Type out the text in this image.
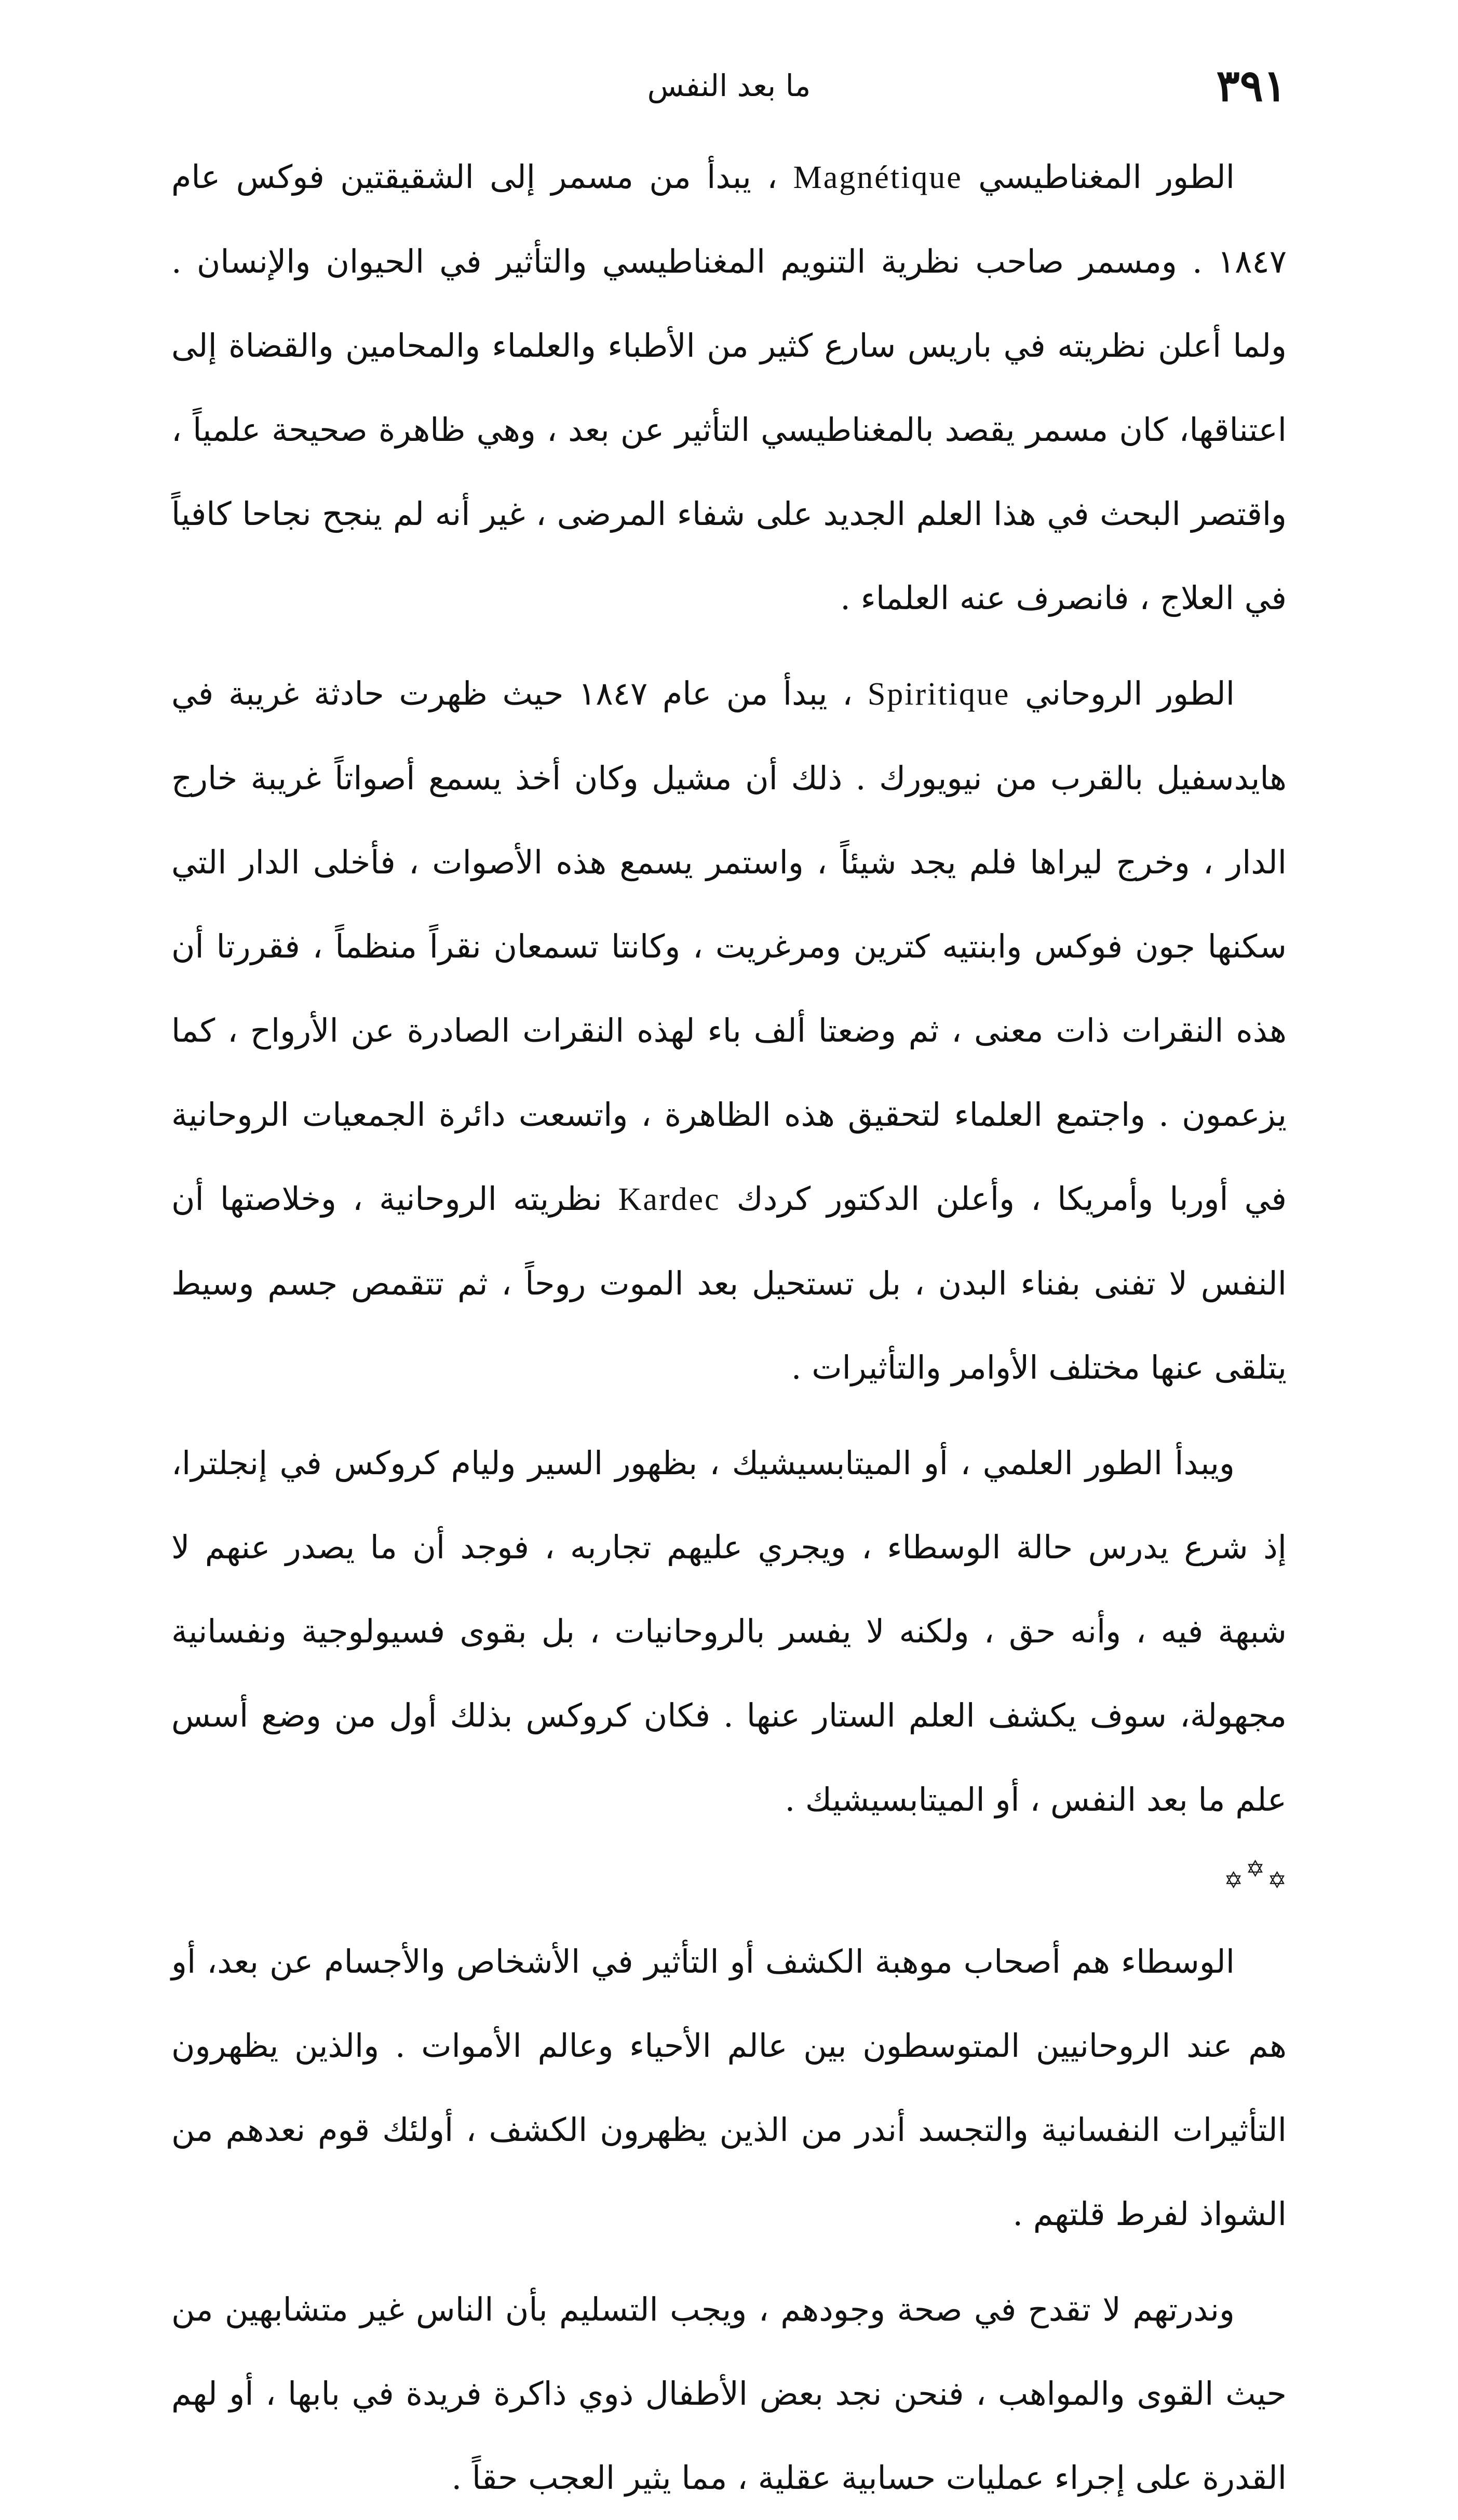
٣٩١
ما بعد النفس

الطور المغناطيسي Magnétique ، يبدأ من مسمر إلى الشقيقتين فوكس عام ١٨٤٧ . ومسمر صاحب نظرية التنويم المغناطيسي والتأثير في الحيوان والإنسان . ولما أعلن نظريته في باريس سارع كثير من الأطباء والعلماء والمحامين والقضاة إلى اعتناقها، كان مسمر يقصد بالمغناطيسي التأثير عن بعد ، وهي ظاهرة صحيحة علمياً ، واقتصر البحث في هذا العلم الجديد على شفاء المرضى ، غير أنه لم ينجح نجاحا كافياً في العلاج ، فانصرف عنه العلماء .

الطور الروحاني Spiritique ، يبدأ من عام ١٨٤٧ حيث ظهرت حادثة غريبة في هايدسفيل بالقرب من نيويورك . ذلك أن مشيل وكان أخذ يسمع أصواتاً غريبة خارج الدار ، وخرج ليراها فلم يجد شيئاً ، واستمر يسمع هذه الأصوات ، فأخلى الدار التي سكنها جون فوكس وابنتيه كترين ومرغريت ، وكانتا تسمعان نقراً منظماً ، فقررتا أن هذه النقرات ذات معنى ، ثم وضعتا ألف باء لهذه النقرات الصادرة عن الأرواح ، كما يزعمون . واجتمع العلماء لتحقيق هذه الظاهرة ، واتسعت دائرة الجمعيات الروحانية في أوربا وأمريكا ، وأعلن الدكتور كردك Kardec نظريته الروحانية ، وخلاصتها أن النفس لا تفنى بفناء البدن ، بل تستحيل بعد الموت روحاً ، ثم تتقمص جسم وسيط يتلقى عنها مختلف الأوامر والتأثيرات .

ويبدأ الطور العلمي ، أو الميتابسيشيك ، بظهور السير وليام كروكس في إنجلترا، إذ شرع يدرس حالة الوسطاء ، ويجري عليهم تجاربه ، فوجد أن ما يصدر عنهم لا شبهة فيه ، وأنه حق ، ولكنه لا يفسر بالروحانيات ، بل بقوى فسيولوجية ونفسانية مجهولة، سوف يكشف العلم الستار عنها . فكان كروكس بذلك أول من وضع أسس علم ما بعد النفس ، أو الميتابسيشيك .

✡ ✡ ✡

الوسطاء هم أصحاب موهبة الكشف أو التأثير في الأشخاص والأجسام عن بعد، أو هم عند الروحانيين المتوسطون بين عالم الأحياء وعالم الأموات . والذين يظهرون التأثيرات النفسانية والتجسد أندر من الذين يظهرون الكشف ، أولئك قوم نعدهم من الشواذ لفرط قلتهم .

وندرتهم لا تقدح في صحة وجودهم ، ويجب التسليم بأن الناس غير متشابهين من حيث القوى والمواهب ، فنحن نجد بعض الأطفال ذوي ذاكرة فريدة في بابها ، أو لهم القدرة على إجراء عمليات حسابية عقلية ، مما يثير العجب حقاً .
